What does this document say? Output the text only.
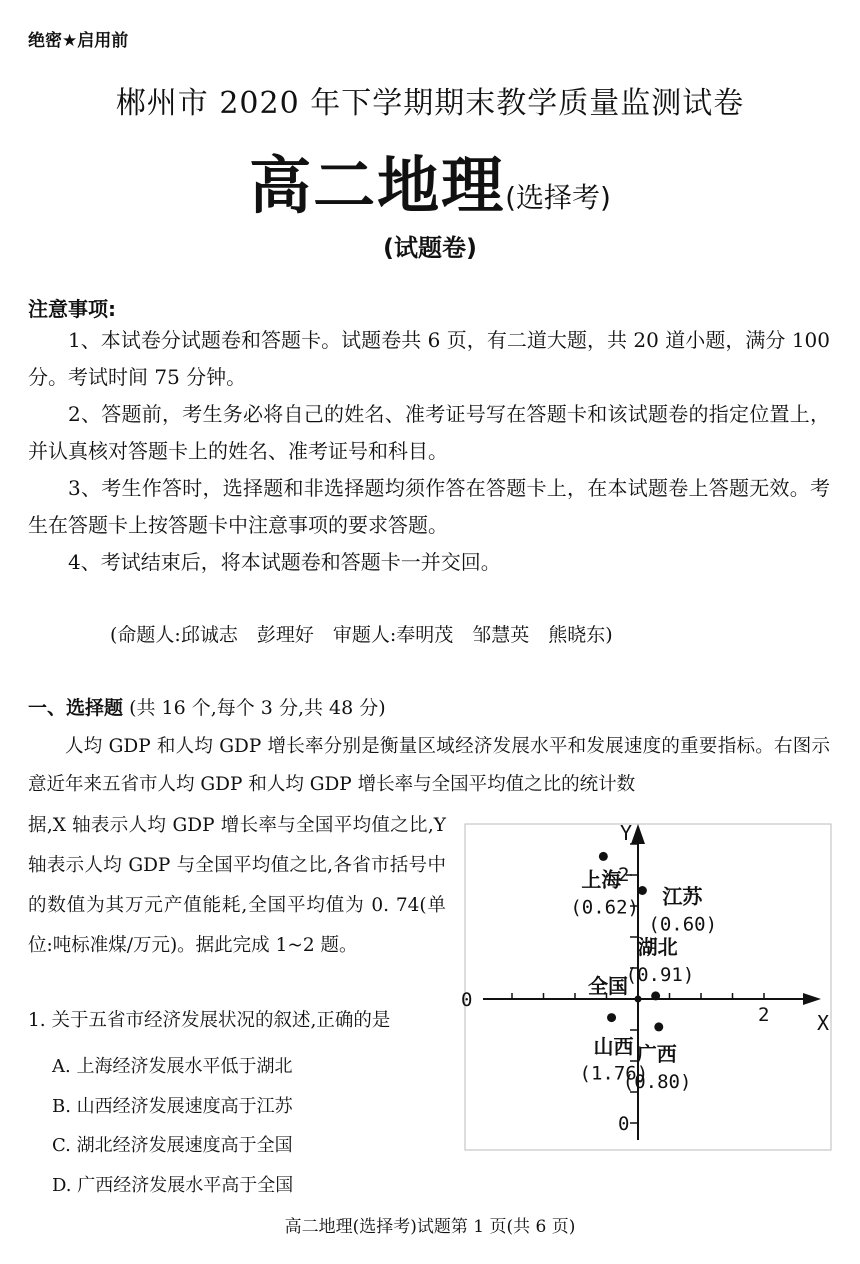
绝密★启用前
郴州市 2020 年下学期期末教学质量监测试卷
高二地理(选择考)
(试题卷)
注意事项:
1、本试卷分试题卷和答题卡。试题卷共 6 页，有二道大题，共 20 道小题，满分 100 分。考试时间 75 分钟。
2、答题前，考生务必将自己的姓名、准考证号写在答题卡和该试题卷的指定位置上，并认真核对答题卡上的姓名、准考证号和科目。
3、考生作答时，选择题和非选择题均须作答在答题卡上，在本试题卷上答题无效。考生在答题卡上按答题卡中注意事项的要求答题。
4、考试结束后，将本试题卷和答题卡一并交回。
(命题人:邱诚志　彭理好　审题人:奉明茂　邹慧英　熊晓东)
一、选择题 (共 16 个,每个 3 分,共 48 分)
人均 GDP 和人均 GDP 增长率分别是衡量区域经济发展水平和发展速度的重要指标。右图示意近年来五省市人均 GDP 和人均 GDP 增长率与全国平均值之比的统计数
据,X 轴表示人均 GDP 增长率与全国平均值之比,Y 轴表示人均 GDP 与全国平均值之比,各省市括号中的数值为其万元产值能耗,全国平均值为 0. 74(单位:吨标准煤/万元)。据此完成 1~2 题。
1. 关于五省市经济发展状况的叙述,正确的是
A. 上海经济发展水平低于湖北
B. 山西经济发展速度高于江苏
C. 湖北经济发展速度高于全国
D. 广西经济发展水平高于全国
0
2
2
0
X
Y
上海
(0.62) 江苏
(0.60)
湖北
(0.91)
全国
山西
(1.76)
广西
(0.80)
高二地理(选择考)试题第 1 页(共 6 页)
